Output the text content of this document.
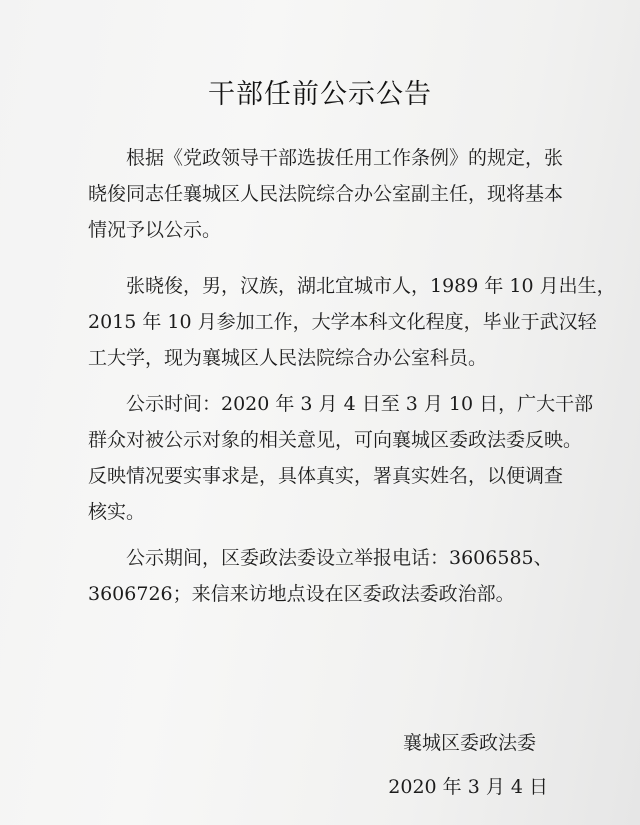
干部任前公示公告
根据《党政领导干部选拔任用工作条例》的规定，张
晓俊同志任襄城区人民法院综合办公室副主任，现将基本
情况予以公示。
张晓俊，男，汉族，湖北宜城市人，1989 年 10 月出生，
2015 年 10 月参加工作，大学本科文化程度，毕业于武汉轻
工大学，现为襄城区人民法院综合办公室科员。
公示时间：2020 年 3 月 4 日至 3 月 10 日，广大干部
群众对被公示对象的相关意见，可向襄城区委政法委反映。
反映情况要实事求是，具体真实，署真实姓名，以便调查
核实。
公示期间，区委政法委设立举报电话：3606585、
3606726；来信来访地点设在区委政法委政治部。
襄城区委政法委
2020 年 3 月 4 日
